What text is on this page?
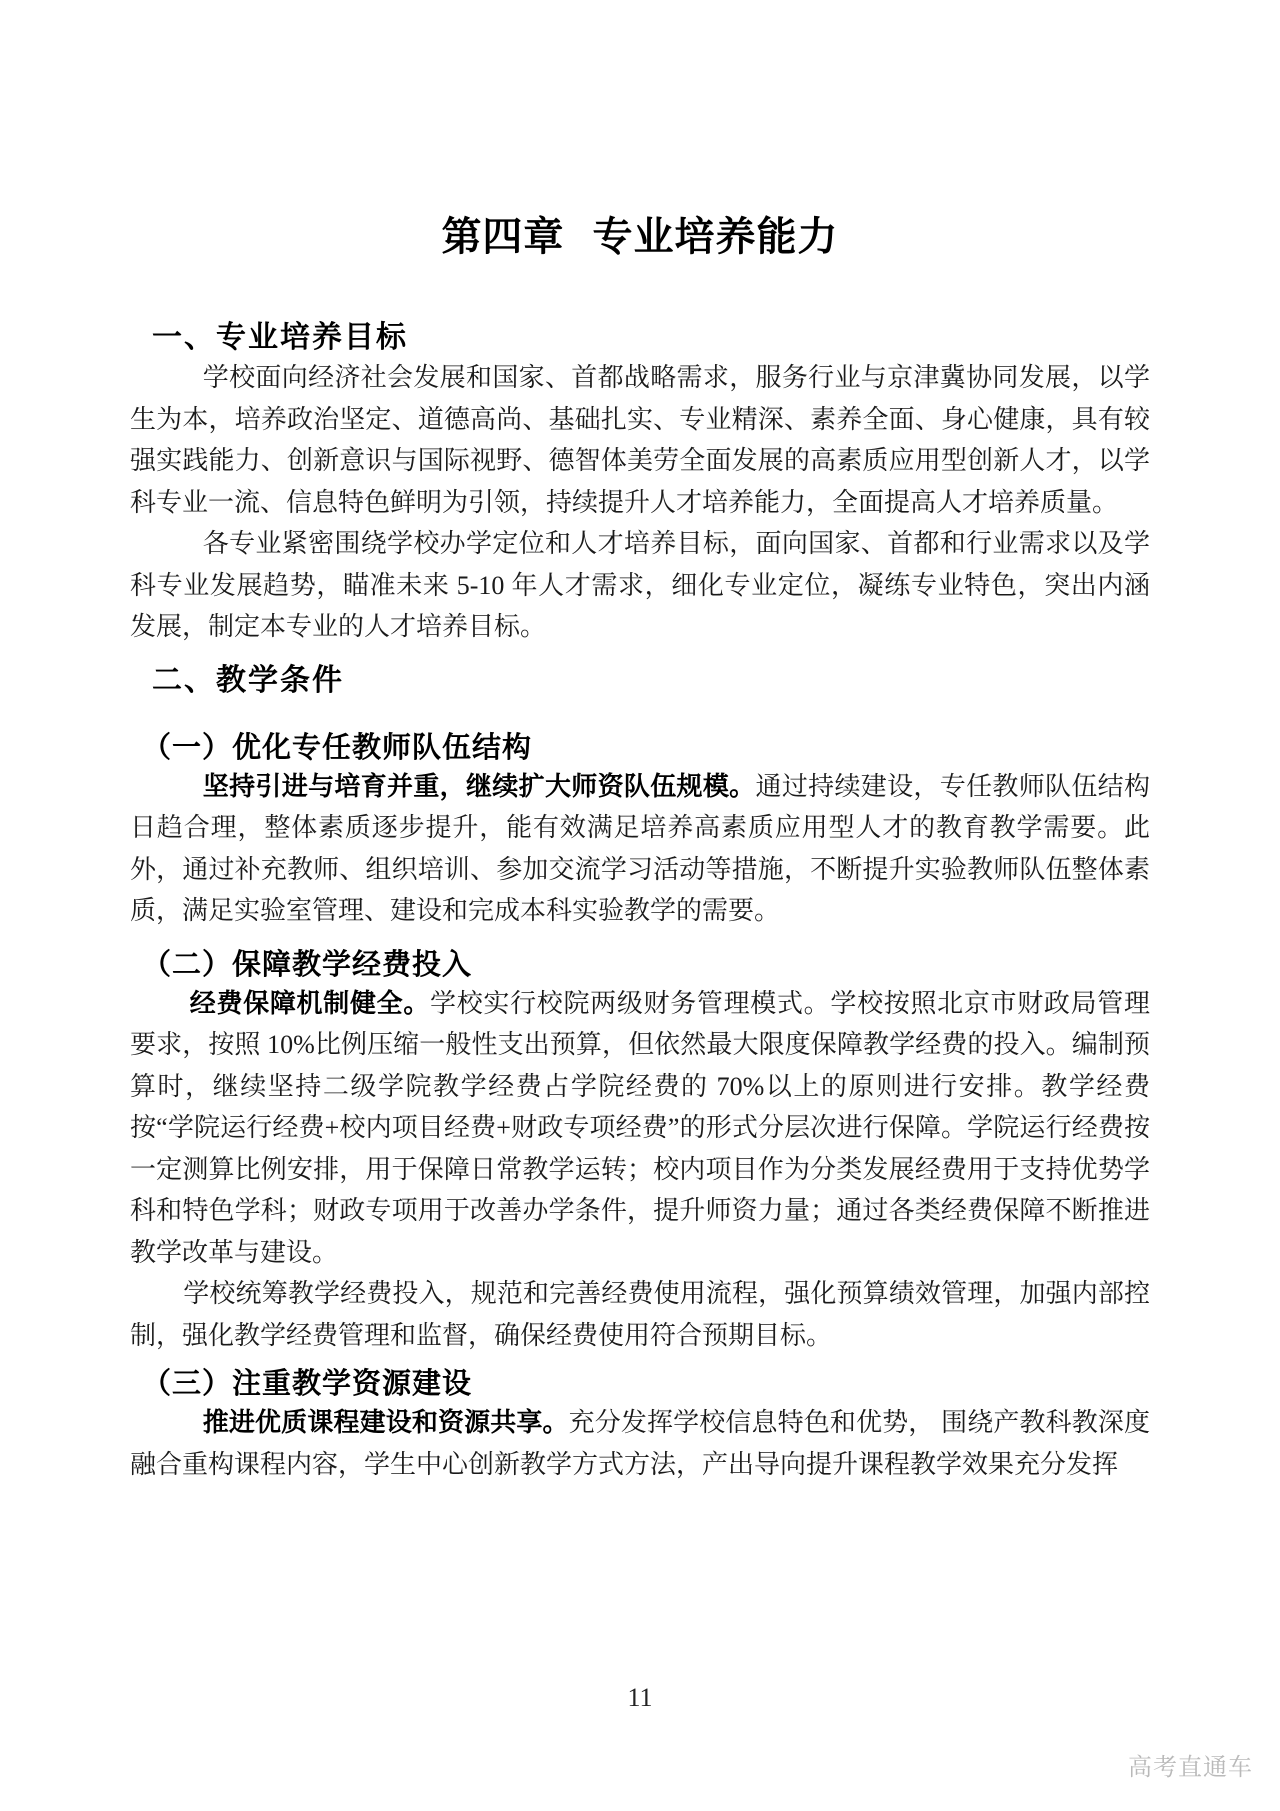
第四章 专业培养能力
一、专业培养目标

学校面向经济社会发展和国家、首都战略需求，服务行业与京津冀协同发展，以学生为本，培养政治坚定、道德高尚、基础扎实、专业精深、素养全面、身心健康，具有较强实践能力、创新意识与国际视野、德智体美劳全面发展的高素质应用型创新人才，以学科专业一流、信息特色鲜明为引领，持续提升人才培养能力，全面提高人才培养质量。

各专业紧密围绕学校办学定位和人才培养目标，面向国家、首都和行业需求以及学科专业发展趋势，瞄准未来 5-10 年人才需求，细化专业定位，凝练专业特色，突出内涵发展，制定本专业的人才培养目标。

二、教学条件
（一）优化专任教师队伍结构

坚持引进与培育并重，继续扩大师资队伍规模。通过持续建设，专任教师队伍结构日趋合理，整体素质逐步提升，能有效满足培养高素质应用型人才的教育教学需要。此外，通过补充教师、组织培训、参加交流学习活动等措施，不断提升实验教师队伍整体素质，满足实验室管理、建设和完成本科实验教学的需要。

（二）保障教学经费投入

经费保障机制健全。学校实行校院两级财务管理模式。学校按照北京市财政局管理要求，按照 10%比例压缩一般性支出预算，但依然最大限度保障教学经费的投入。编制预算时，继续坚持二级学院教学经费占学院经费的 70%以上的原则进行安排。教学经费按“学院运行经费+校内项目经费+财政专项经费”的形式分层次进行保障。学院运行经费按一定测算比例安排，用于保障日常教学运转；校内项目作为分类发展经费用于支持优势学科和特色学科；财政专项用于改善办学条件，提升师资力量；通过各类经费保障不断推进教学改革与建设。

学校统筹教学经费投入，规范和完善经费使用流程，强化预算绩效管理，加强内部控制，强化教学经费管理和监督，确保经费使用符合预期目标。

（三）注重教学资源建设

推进优质课程建设和资源共享。充分发挥学校信息特色和优势， 围绕产教科教深度融合重构课程内容，学生中心创新教学方式方法，产出导向提升课程教学效果充分发挥

11
高考直通车
